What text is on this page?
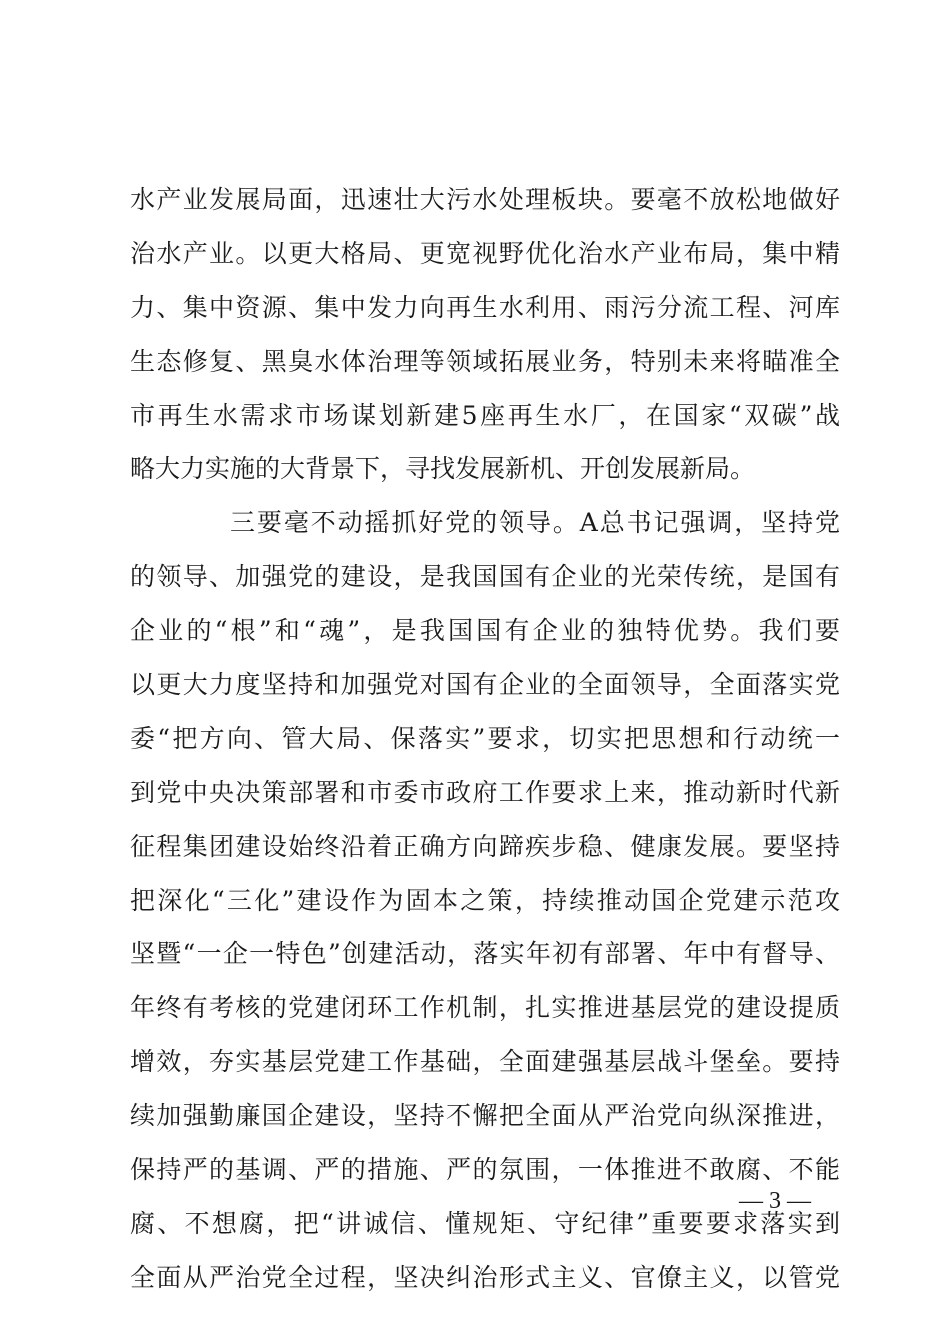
水产业发展局面，迅速壮大污水处理板块。要毫不放松地做好
治水产业。以更大格局、更宽视野优化治水产业布局，集中精
力、集中资源、集中发力向再生水利用、雨污分流工程、河库
生态修复、黑臭水体治理等领域拓展业务，特别未来将瞄准全
市再生水需求市场谋划新建5座再生水厂，在国家“双碳”战
略大力实施的大背景下，寻找发展新机、开创发展新局。
三要毫不动摇抓好党的领导。A总书记强调，坚持党
的领导、加强党的建设，是我国国有企业的光荣传统，是国有
企业的“根”和“魂”，是我国国有企业的独特优势。我们要
以更大力度坚持和加强党对国有企业的全面领导，全面落实党
委“把方向、管大局、保落实”要求，切实把思想和行动统一
到党中央决策部署和市委市政府工作要求上来，推动新时代新
征程集团建设始终沿着正确方向蹄疾步稳、健康发展。要坚持
把深化“三化”建设作为固本之策，持续推动国企党建示范攻
坚暨“一企一特色”创建活动，落实年初有部署、年中有督导、
年终有考核的党建闭环工作机制，扎实推进基层党的建设提质
增效，夯实基层党建工作基础，全面建强基层战斗堡垒。要持
续加强勤廉国企建设，坚持不懈把全面从严治党向纵深推进，
保持严的基调、严的措施、严的氛围，一体推进不敢腐、不能
腐、不想腐，把“讲诚信、懂规矩、守纪律”重要要求落实到
全面从严治党全过程，坚决纠治形式主义、官僚主义，以管党
— 3 —
